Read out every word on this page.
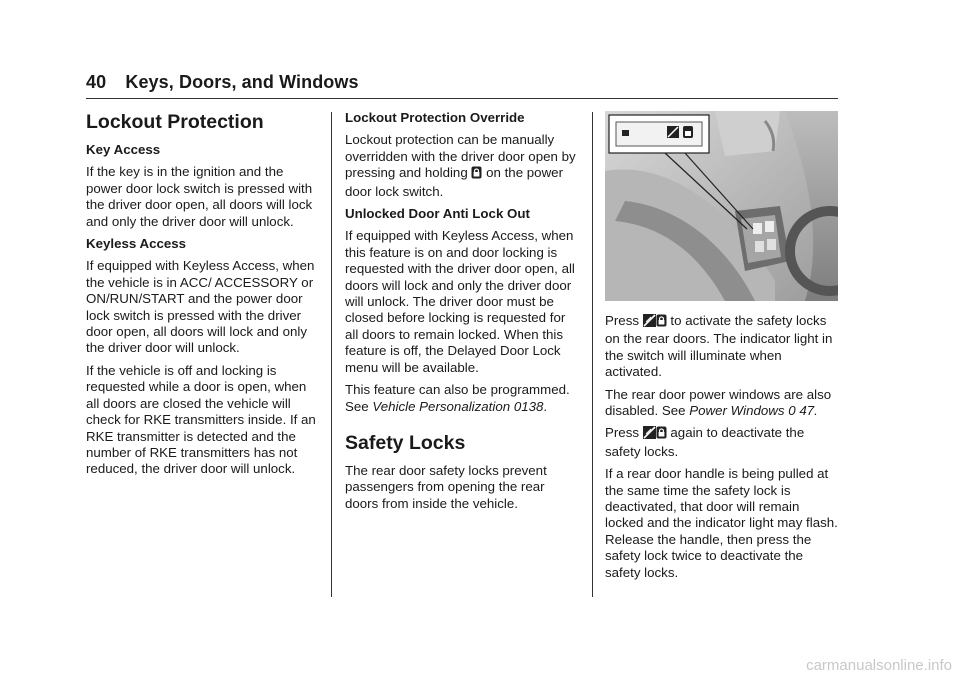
40 Keys, Doors, and Windows
Lockout Protection
Key Access

If the key is in the ignition and the power door lock switch is pressed with the driver door open, all doors will lock and only the driver door will unlock.

Keyless Access

If equipped with Keyless Access, when the vehicle is in ACC/ ACCESSORY or ON/RUN/START and the power door lock switch is pressed with the driver door open, all doors will lock and only the driver door will unlock.

If the vehicle is off and locking is requested while a door is open, when all doors are closed the vehicle will check for RKE transmitters inside. If an RKE transmitter is detected and the number of RKE transmitters has not reduced, the driver door will unlock.

Lockout Protection Override

Lockout protection can be manually overridden with the driver door open by pressing and holding on the power door lock switch.

Unlocked Door Anti Lock Out

If equipped with Keyless Access, when this feature is on and door locking is requested with the driver door open, all doors will lock and only the driver door will unlock. The driver door must be closed before locking is requested for all doors to remain locked. When this feature is off, the Delayed Door Lock menu will be available.

This feature can also be programmed. See Vehicle Personalization 0138.

Safety Locks

The rear door safety locks prevent passengers from opening the rear doors from inside the vehicle.

Press to activate the safety locks on the rear doors. The indicator light in the switch will illuminate when activated.

The rear door power windows are also disabled. See Power Windows 0 47.

Press again to deactivate the safety locks.

If a rear door handle is being pulled at the same time the safety lock is deactivated, that door will remain locked and the indicator light may flash. Release the handle, then press the safety lock twice to deactivate the safety locks.

carmanualsonline.info
